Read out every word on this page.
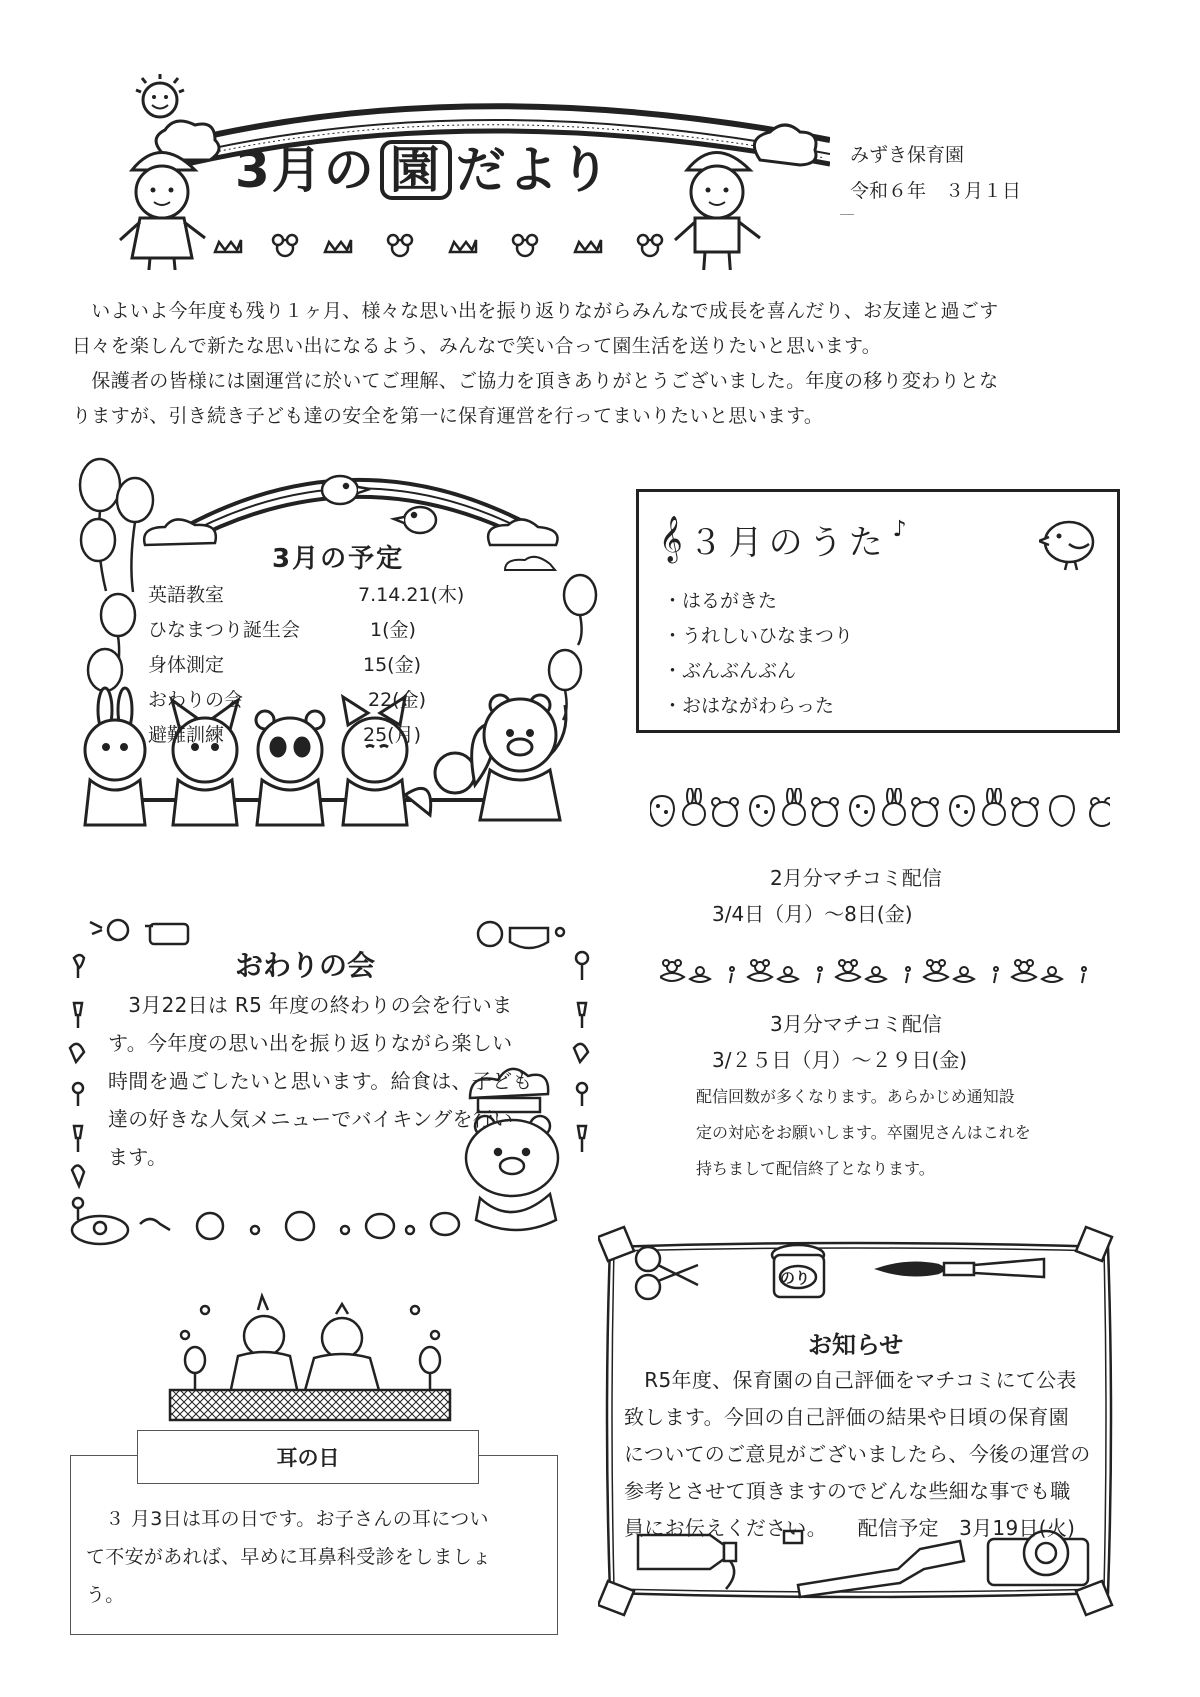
3月の 園 だより	みずき保育園
令和６年　３月１日
　いよいよ今年度も残り１ヶ月、様々な思い出を振り返りながらみんなで成長を喜んだり、お友達と過ごす
日々を楽しんで新たな思い出になるよう、みんなで笑い合って園生活を送りたいと思います。
　保護者の皆様には園運営に於いてご理解、ご協力を頂きありがとうございました。年度の移り変わりとな
りますが、引き続き子ども達の安全を第一に保育運営を行ってまいりたいと思います。
3月の予定
英語教室	7.14.21(木)
ひなまつり誕生会	1(金)
身体測定	15(金)
おわりの会	22(金)
避難訓練	25(月)
𝄞 ３月のうた ♪
・はるがきた
・うれしいひなまつり
・ぶんぶんぶん
・おはながわらった
2月分マチコミ配信
3/4日（月）～8日(金)
3月分マチコミ配信
3/２５日（月）～２９日(金)
配信回数が多くなります。あらかじめ通知設
定の対応をお願いします。卒園児さんはこれを
持ちまして配信終了となります。
おわりの会
　3月22日は R5 年度の終わりの会を行いま
す。今年度の思い出を振り返りながら楽しい
時間を過ごしたいと思います。給食は、子ども
達の好きな人気メニューでバイキングを行い
ます。
耳の日
　３ 月3日は耳の日です。お子さんの耳につい
て不安があれば、早めに耳鼻科受診をしましょ
う。
のり
お知らせ
　R5年度、保育園の自己評価をマチコミにて公表
致します。今回の自己評価の結果や日頃の保育園
についてのご意見がございましたら、今後の運営の
参考とさせて頂きますのでどんな些細な事でも職
員にお伝えください。　　配信予定　3月19日(火)
